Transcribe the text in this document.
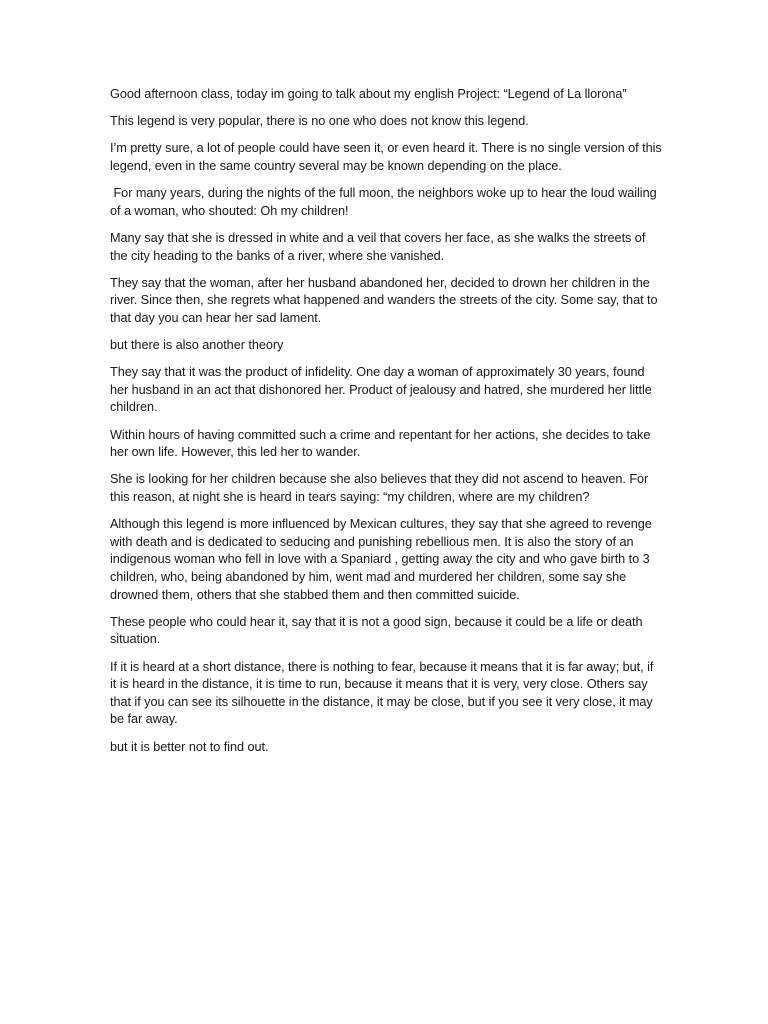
Good afternoon class, today im going to talk about my english Project: “Legend of La llorona”

This legend is very popular, there is no one who does not know this legend.

I’m pretty sure, a lot of people could have seen it, or even heard it. There is no single version of this legend, even in the same country several may be known depending on the place.

For many years, during the nights of the full moon, the neighbors woke up to hear the loud wailing of a woman, who shouted: Oh my children!

Many say that she is dressed in white and a veil that covers her face, as she walks the streets of the city heading to the banks of a river, where she vanished.

They say that the woman, after her husband abandoned her, decided to drown her children in the river. Since then, she regrets what happened and wanders the streets of the city. Some say, that to that day you can hear her sad lament.

but there is also another theory

They say that it was the product of infidelity. One day a woman of approximately 30 years, found her husband in an act that dishonored her. Product of jealousy and hatred, she murdered her little children.

Within hours of having committed such a crime and repentant for her actions, she decides to take her own life. However, this led her to wander.

She is looking for her children because she also believes that they did not ascend to heaven. For this reason, at night she is heard in tears saying: “my children, where are my children?

Although this legend is more influenced by Mexican cultures, they say that she agreed to revenge with death and is dedicated to seducing and punishing rebellious men. It is also the story of an indigenous woman who fell in love with a Spaniard , getting away the city and who gave birth to 3 children, who, being abandoned by him, went mad and murdered her children, some say she drowned them, others that she stabbed them and then committed suicide.

These people who could hear it, say that it is not a good sign, because it could be a life or death situation.

If it is heard at a short distance, there is nothing to fear, because it means that it is far away; but, if it is heard in the distance, it is time to run, because it means that it is very, very close. Others say that if you can see its silhouette in the distance, it may be close, but if you see it very close, it may be far away.

but it is better not to find out.
